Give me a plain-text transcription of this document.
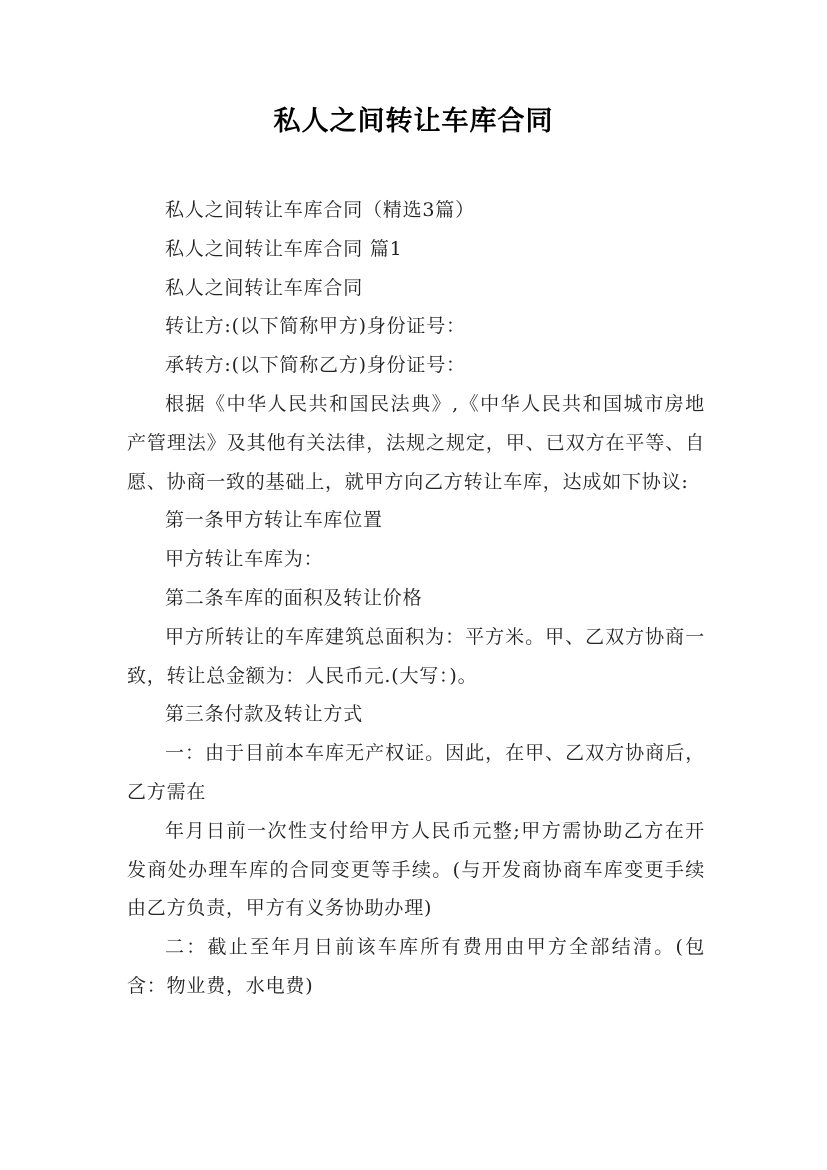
私人之间转让车库合同

私人之间转让车库合同（精选3篇）

私人之间转让车库合同 篇1

私人之间转让车库合同

转让方:(以下简称甲方)身份证号：

承转方:(以下简称乙方)身份证号：

根据《中华人民共和国民法典》,《中华人民共和国城市房地产管理法》及其他有关法律，法规之规定，甲、已双方在平等、自愿、协商一致的基础上，就甲方向乙方转让车库，达成如下协议:

第一条甲方转让车库位置

甲方转让车库为：

第二条车库的面积及转让价格

甲方所转让的车库建筑总面积为：平方米。甲、乙双方协商一致，转让总金额为：人民币元.(大写：)。

第三条付款及转让方式

一：由于目前本车库无产权证。因此，在甲、乙双方协商后，乙方需在

年月日前一次性支付给甲方人民币元整;甲方需协助乙方在开发商处办理车库的合同变更等手续。(与开发商协商车库变更手续由乙方负责，甲方有义务协助办理)

二：截止至年月日前该车库所有费用由甲方全部结清。(包含：物业费，水电费)
